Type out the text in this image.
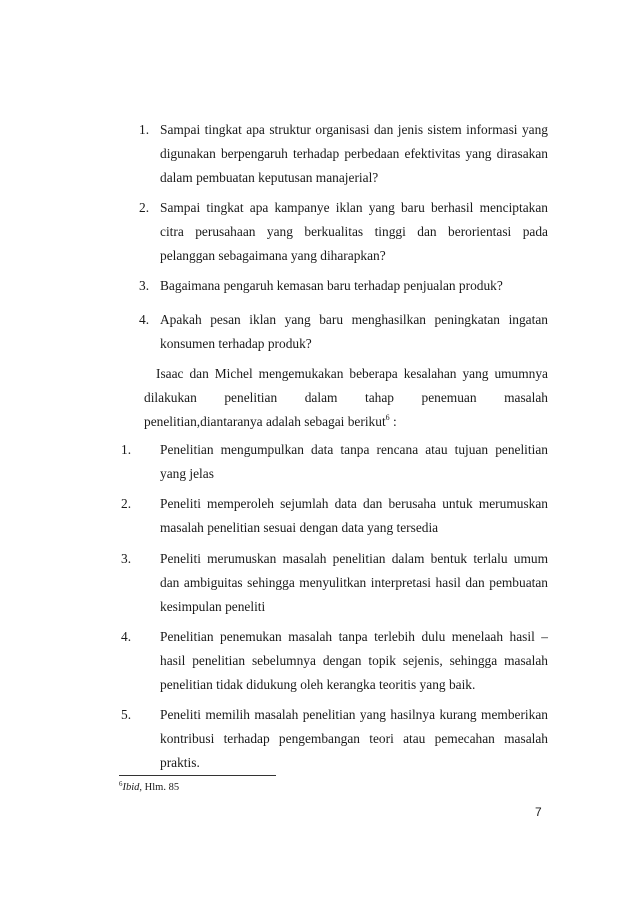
1. Sampai tingkat apa struktur organisasi dan jenis sistem informasi yang digunakan berpengaruh terhadap perbedaan efektivitas yang dirasakan dalam pembuatan keputusan manajerial?
2. Sampai tingkat apa kampanye iklan yang baru berhasil menciptakan citra perusahaan yang berkualitas tinggi dan berorientasi pada pelanggan sebagaimana yang diharapkan?
3. Bagaimana pengaruh kemasan baru terhadap penjualan produk?
4. Apakah pesan iklan yang baru menghasilkan peningkatan ingatan konsumen terhadap produk?
Isaac dan Michel mengemukakan beberapa kesalahan yang umumnya dilakukan penelitian dalam tahap penemuan masalah penelitian,diantaranya adalah sebagai berikut$^6$ :
1.	Penelitian mengumpulkan data tanpa rencana atau tujuan penelitian yang jelas
2.	Peneliti memperoleh sejumlah data dan berusaha untuk merumuskan masalah penelitian sesuai dengan data yang tersedia
3.	Peneliti merumuskan masalah penelitian dalam bentuk terlalu umum dan ambiguitas sehingga menyulitkan interpretasi hasil dan pembuatan kesimpulan peneliti
4.	Penelitian penemukan masalah tanpa terlebih dulu menelaah hasil – hasil penelitian sebelumnya dengan topik sejenis, sehingga masalah penelitian tidak didukung oleh kerangka teoritis yang baik.
5.	Peneliti memilih masalah penelitian yang hasilnya kurang memberikan kontribusi terhadap pengembangan teori atau pemecahan masalah praktis.
$^6$Ibid, Hlm. 85
7
